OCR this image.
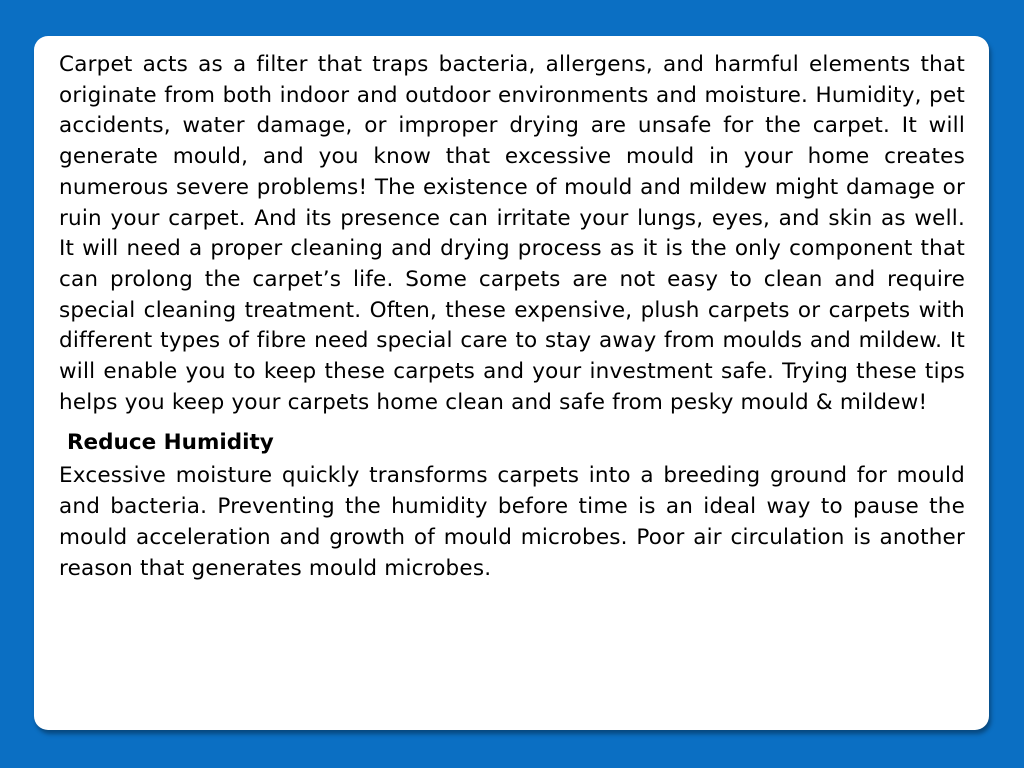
Carpet acts as a filter that traps bacteria, allergens, and harmful elements that originate from both indoor and outdoor environments and moisture. Humidity, pet accidents, water damage, or improper drying are unsafe for the carpet. It will generate mould, and you know that excessive mould in your home creates numerous severe problems! The existence of mould and mildew might damage or ruin your carpet. And its presence can irritate your lungs, eyes, and skin as well. It will need a proper cleaning and drying process as it is the only component that can prolong the carpet’s life. Some carpets are not easy to clean and require special cleaning treatment. Often, these expensive, plush carpets or carpets with different types of fibre need special care to stay away from moulds and mildew. It will enable you to keep these carpets and your investment safe. Trying these tips helps you keep your carpets home clean and safe from pesky mould & mildew!

Reduce Humidity

Excessive moisture quickly transforms carpets into a breeding ground for mould and bacteria. Preventing the humidity before time is an ideal way to pause the mould acceleration and growth of mould microbes. Poor air circulation is another reason that generates mould microbes.
